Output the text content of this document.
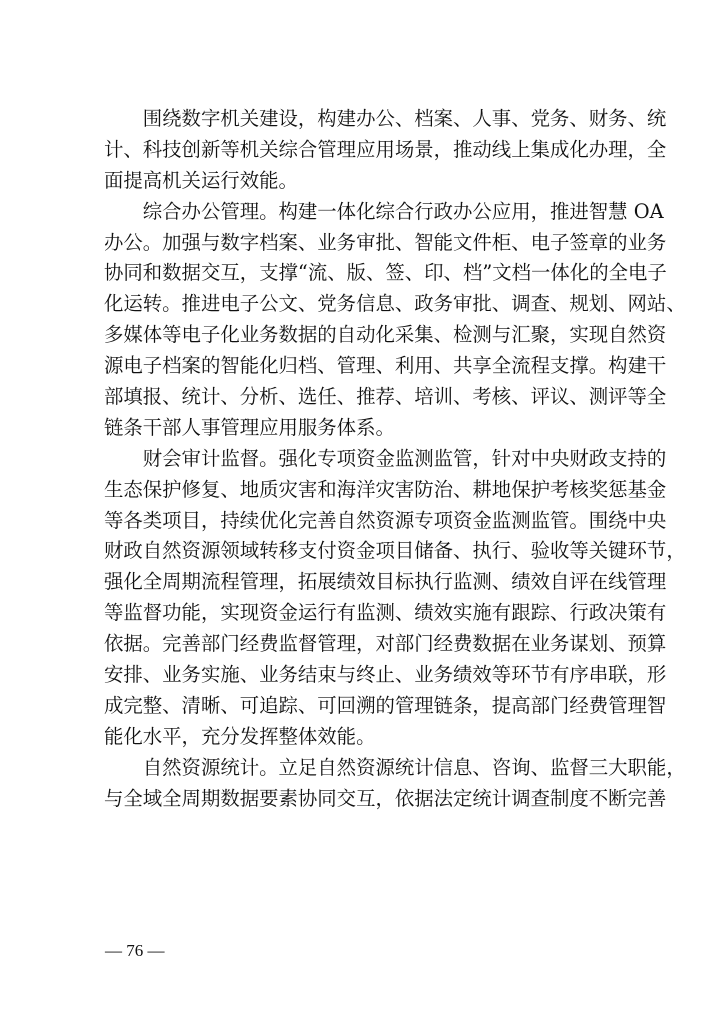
　　围绕数字机关建设，构建办公、档案、人事、党务、财务、统
计、科技创新等机关综合管理应用场景，推动线上集成化办理，全
面提高机关运行效能。
　　综合办公管理。构建一体化综合行政办公应用，推进智慧 OA
办公。加强与数字档案、业务审批、智能文件柜、电子签章的业务
协同和数据交互，支撑“流、版、签、印、档”文档一体化的全电子
化运转。推进电子公文、党务信息、政务审批、调查、规划、网站、
多媒体等电子化业务数据的自动化采集、检测与汇聚，实现自然资
源电子档案的智能化归档、管理、利用、共享全流程支撑。构建干
部填报、统计、分析、选任、推荐、培训、考核、评议、测评等全
链条干部人事管理应用服务体系。
　　财会审计监督。强化专项资金监测监管，针对中央财政支持的
生态保护修复、地质灾害和海洋灾害防治、耕地保护考核奖惩基金
等各类项目，持续优化完善自然资源专项资金监测监管。围绕中央
财政自然资源领域转移支付资金项目储备、执行、验收等关键环节，
强化全周期流程管理，拓展绩效目标执行监测、绩效自评在线管理
等监督功能，实现资金运行有监测、绩效实施有跟踪、行政决策有
依据。完善部门经费监督管理，对部门经费数据在业务谋划、预算
安排、业务实施、业务结束与终止、业务绩效等环节有序串联，形
成完整、清晰、可追踪、可回溯的管理链条，提高部门经费管理智
能化水平，充分发挥整体效能。
　　自然资源统计。立足自然资源统计信息、咨询、监督三大职能，
与全域全周期数据要素协同交互，依据法定统计调查制度不断完善
— 76 —
